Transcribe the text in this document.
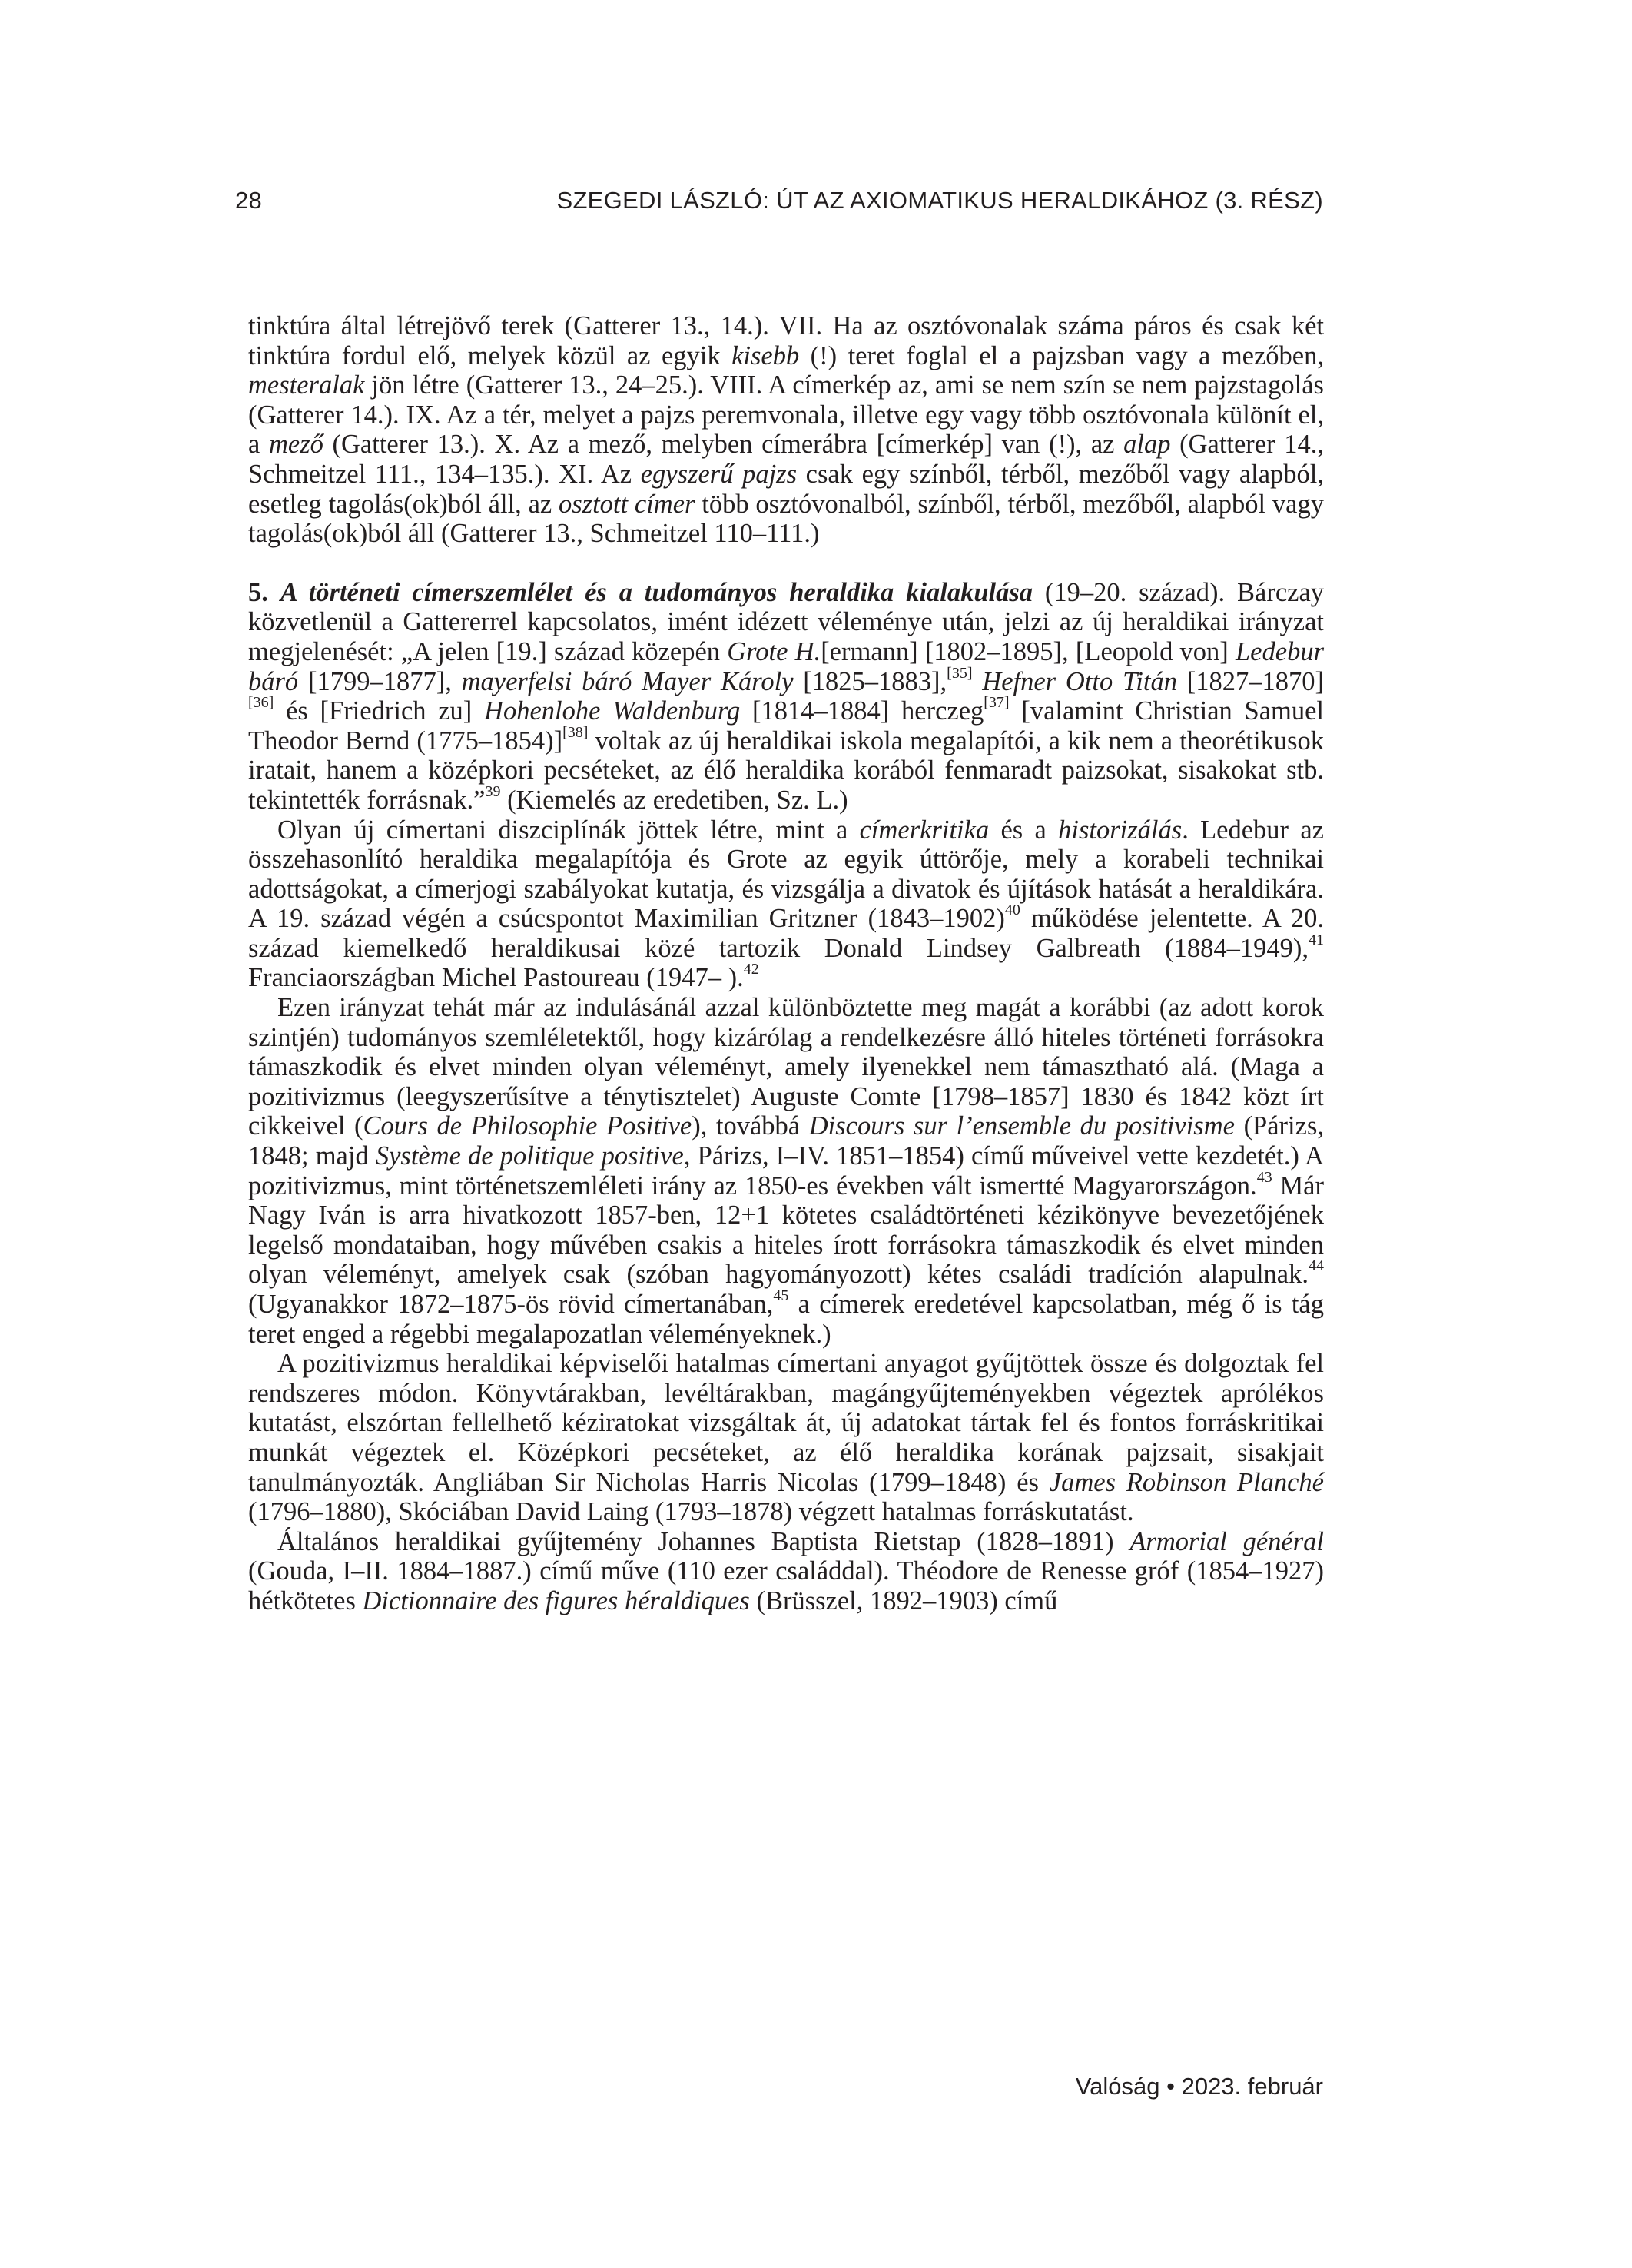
28	SZEGEDI LÁSZLÓ: ÚT AZ AXIOMATIKUS HERALDIKÁHOZ (3. RÉSZ)

tinktúra által létrejövő terek (Gatterer 13., 14.). VII. Ha az osztóvonalak száma páros és csak két tinktúra fordul elő, melyek közül az egyik kisebb (!) teret foglal el a pajzsban vagy a mezőben, mesteralak jön létre (Gatterer 13., 24–25.). VIII. A címerkép az, ami se nem szín se nem pajzstagolás (Gatterer 14.). IX. Az a tér, melyet a pajzs peremvonala, illetve egy vagy több osztóvonala különít el, a mező (Gatterer 13.). X. Az a mező, melyben címerábra [címerkép] van (!), az alap (Gatterer 14., Schmeitzel 111., 134–135.). XI. Az egyszerű pajzs csak egy színből, térből, mezőből vagy alapból, esetleg tagolás(ok)ból áll, az osztott címer több osztóvonalból, színből, térből, mezőből, alapból vagy tagolás(ok)ból áll (Gatterer 13., Schmeitzel 110–111.)

5. A történeti címerszemlélet és a tudományos heraldika kialakulása (19–20. század). Bárczay közvetlenül a Gattererrel kapcsolatos, imént idézett véleménye után, jelzi az új heraldikai irányzat megjelenését: „A jelen [19.] század közepén Grote H.[ermann] [1802–1895], [Leopold von] Ledebur báró [1799–1877], mayerfelsi báró Mayer Károly [1825–1883],[35] Hefner Otto Titán [1827–1870] [36] és [Friedrich zu] Hohenlohe Waldenburg [1814–1884] herczeg[37] [valamint Christian Samuel Theodor Bernd (1775–1854)][38] voltak az új heraldikai iskola megalapítói, a kik nem a theorétikusok iratait, hanem a középkori pecséteket, az élő heraldika korából fenmaradt paizsokat, sisakokat stb. tekintették forrásnak.”$^{39}$ (Kiemelés az eredetiben, Sz. L.)

Olyan új címertani diszciplínák jöttek létre, mint a címerkritika és a historizálás. Ledebur az összehasonlító heraldika megalapítója és Grote az egyik úttörője, mely a korabeli technikai adottságokat, a címerjogi szabályokat kutatja, és vizsgálja a divatok és újítások hatását a heraldikára. A 19. század végén a csúcspontot Maximilian Gritzner (1843–1902)$^{40}$ működése jelentette. A 20. század kiemelkedő heraldikusai közé tartozik Donald Lindsey Galbreath (1884–1949),$^{41}$ Franciaországban Michel Pastoureau (1947– ).$^{42}$

Ezen irányzat tehát már az indulásánál azzal különböztette meg magát a korábbi (az adott korok szintjén) tudományos szemléletektől, hogy kizárólag a rendelkezésre álló hiteles történeti forrásokra támaszkodik és elvet minden olyan véleményt, amely ilyenekkel nem támasztható alá. (Maga a pozitivizmus (leegyszerűsítve a ténytisztelet) Auguste Comte [1798–1857] 1830 és 1842 közt írt cikkeivel (Cours de Philosophie Positive), továbbá Discours sur l’ensemble du positivisme (Párizs, 1848; majd Système de politique positive, Párizs, I–IV. 1851–1854) című műveivel vette kezdetét.) A pozitivizmus, mint történetszemléleti irány az 1850-es években vált ismertté Magyarországon.$^{43}$ Már Nagy Iván is arra hivatkozott 1857-ben, 12+1 kötetes családtörténeti kézikönyve bevezetőjének legelső mondataiban, hogy művében csakis a hiteles írott forrásokra támaszkodik és elvet minden olyan véleményt, amelyek csak (szóban hagyományozott) kétes családi tradíción alapulnak.$^{44}$ (Ugyanakkor 1872–1875-ös rövid címertanában,$^{45}$ a címerek eredetével kapcsolatban, még ő is tág teret enged a régebbi megalapozatlan véleményeknek.)

A pozitivizmus heraldikai képviselői hatalmas címertani anyagot gyűjtöttek össze és dolgoztak fel rendszeres módon. Könyvtárakban, levéltárakban, magángyűjteményekben végeztek aprólékos kutatást, elszórtan fellelhető kéziratokat vizsgáltak át, új adatokat tártak fel és fontos forráskritikai munkát végeztek el. Középkori pecséteket, az élő heraldika korának pajzsait, sisakjait tanulmányozták. Angliában Sir Nicholas Harris Nicolas (1799–1848) és James Robinson Planché (1796–1880), Skóciában David Laing (1793–1878) végzett hatalmas forráskutatást.

Általános heraldikai gyűjtemény Johannes Baptista Rietstap (1828–1891) Armorial général (Gouda, I–II. 1884–1887.) című műve (110 ezer családdal). Théodore de Renesse gróf (1854–1927) hétkötetes Dictionnaire des figures héraldiques (Brüsszel, 1892–1903) című

Valóság • 2023. február
